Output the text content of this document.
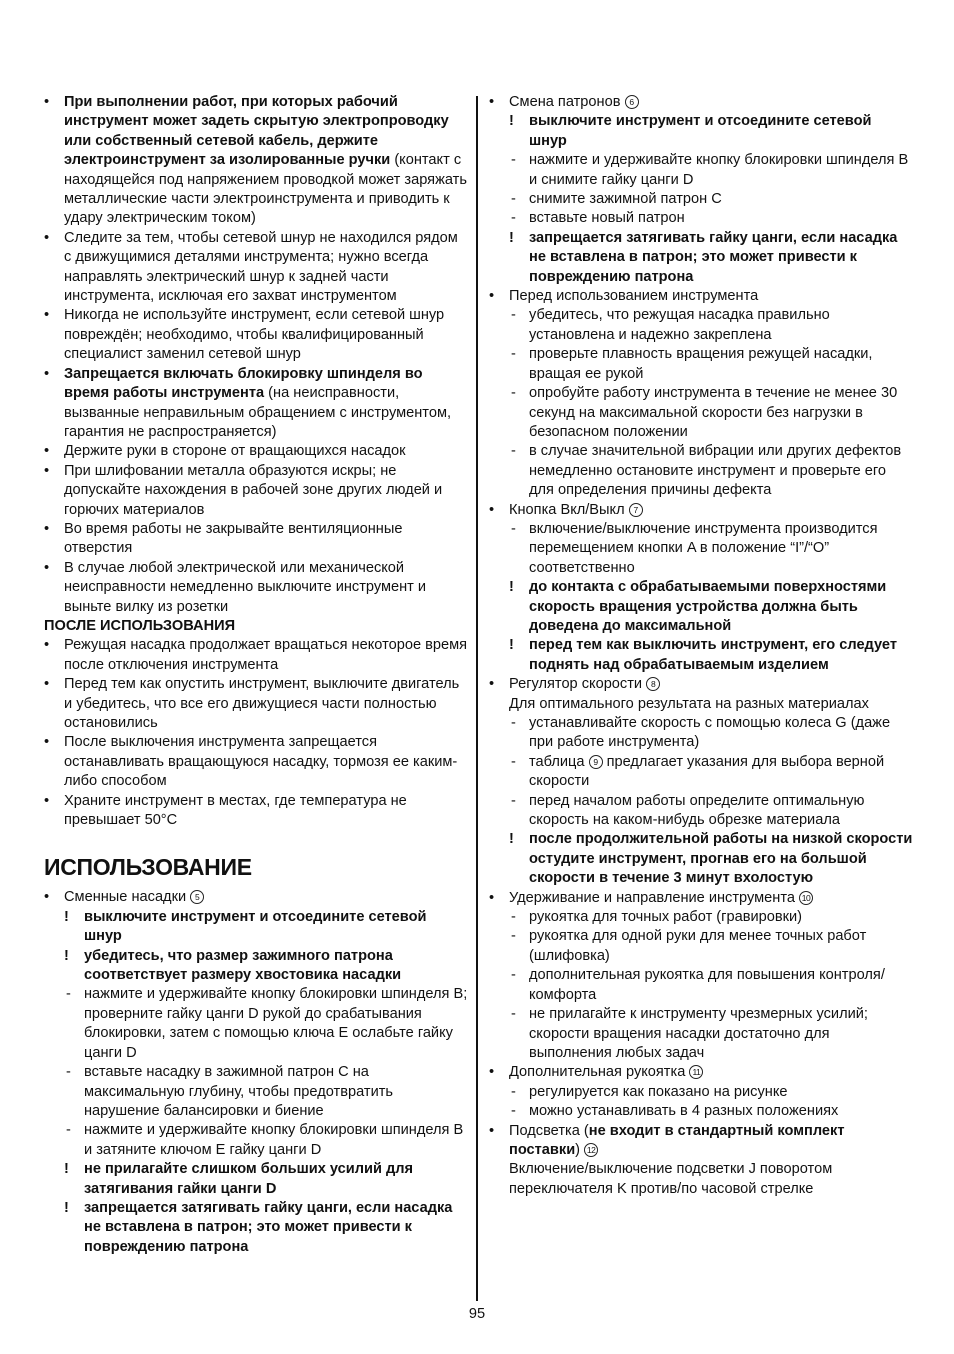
• При выполнении работ, при которых рабочий инструмент может задеть скрытую электропроводку или собственный сетевой кабель, держите электроинструмент за изолированные ручки (контакт с находящейся под напряжением проводкой может заряжать металлические части электроинструмента и приводить к удару электрическим током)
• Следите за тем, чтобы сетевой шнур не находился рядом с движущимися деталями инструмента; нужно всегда направлять электрический шнур к задней части инструмента, исключая его захват инструментом
• Никогда не используйте инструмент, если сетевой шнур повреждён; необходимо, чтобы квалифицированный специалист заменил сетевой шнур
• Запрещается включать блокировку шпинделя во время работы инструмента (на неисправности, вызванные неправильным обращением с инструментом, гарантия не распространяется)
• Держите руки в стороне от вращающихся насадок
• При шлифовании металла образуются искры; не допускайте нахождения в рабочей зоне других людей и горючих материалов
• Во время работы не закрывайте вентиляционные отверстия
• В случае любой электрической или механической неисправности немедленно выключите инструмент и выньте вилку из розетки
ПОСЛЕ ИСПОЛЬЗОВАНИЯ
• Режущая насадка продолжает вращаться некоторое время после отключения инструмента
• Перед тем как опустить инструмент, выключите двигатель и убедитесь, что все его движущиеся части полностью остановились
• После выключения инструмента запрещается останавливать вращающуюся насадку, тормозя ее каким-либо способом
• Храните инструмент в местах, где температура не превышает 50°C
ИСПОЛЬЗОВАНИЕ
• Сменные насадки 5
! выключите инструмент и отсоедините сетевой шнур
! убедитесь, что размер зажимного патрона соответствует размеру хвостовика насадки
- нажмите и удерживайте кнопку блокировки шпинделя B; проверните гайку цанги D рукой до срабатывания блокировки, затем с помощью ключа E ослабьте гайку цанги D
- вставьте насадку в зажимной патрон C на максимальную глубину, чтобы предотвратить нарушение балансировки и биение
- нажмите и удерживайте кнопку блокировки шпинделя B и затяните ключом E гайку цанги D
! не прилагайте слишком больших усилий для затягивания гайки цанги D
! запрещается затягивать гайку цанги, если насадка не вставлена в патрон; это может привести к повреждению патрона
• Смена патронов 6
! выключите инструмент и отсоедините сетевой шнур
- нажмите и удерживайте кнопку блокировки шпинделя B и снимите гайку цанги D
- снимите зажимной патрон C
- вставьте новый патрон
! запрещается затягивать гайку цанги, если насадка не вставлена в патрон; это может привести к повреждению патрона
• Перед использованием инструмента
- убедитесь, что режущая насадка правильно установлена и надежно закреплена
- проверьте плавность вращения режущей насадки, вращая ее рукой
- опробуйте работу инструмента в течение не менее 30 секунд на максимальной скорости без нагрузки в безопасном положении
- в случае значительной вибрации или других дефектов немедленно остановите инструмент и проверьте его для определения причины дефекта
• Кнопка Вкл/Выкл 7
- включение/выключение инструмента производится перемещением кнопки A в положение “I”/“O” соответственно
! до контакта с обрабатываемыми поверхностями скорость вращения устройства должна быть доведена до максимальной
! перед тем как выключить инструмент, его следует поднять над обрабатываемым изделием
• Регулятор скорости 8
Для оптимального результата на разных материалах
- устанавливайте скорость с помощью колеса G (даже при работе инструмента)
- таблица 9 предлагает указания для выбора верной скорости
- перед началом работы определите оптимальную скорость на каком-нибудь обрезке материала
! после продолжительной работы на низкой скорости остудите инструмент, прогнав его на большой скорости в течение 3 минут вхолостую
• Удерживание и направление инструмента 10
- рукоятка для точных работ (гравировки)
- рукоятка для одной руки для менее точных работ (шлифовка)
- дополнительная рукоятка для повышения контроля/комфорта
- не прилагайте к инструменту чрезмерных усилий; скорости вращения насадки достаточно для выполнения любых задач
• Дополнительная рукоятка 11
- регулируется как показано на рисунке
- можно устанавливать в 4 разных положениях
• Подсветка (не входит в стандартный комплект поставки) 12
Включение/выключение подсветки J поворотом переключателя K против/по часовой стрелке
95
